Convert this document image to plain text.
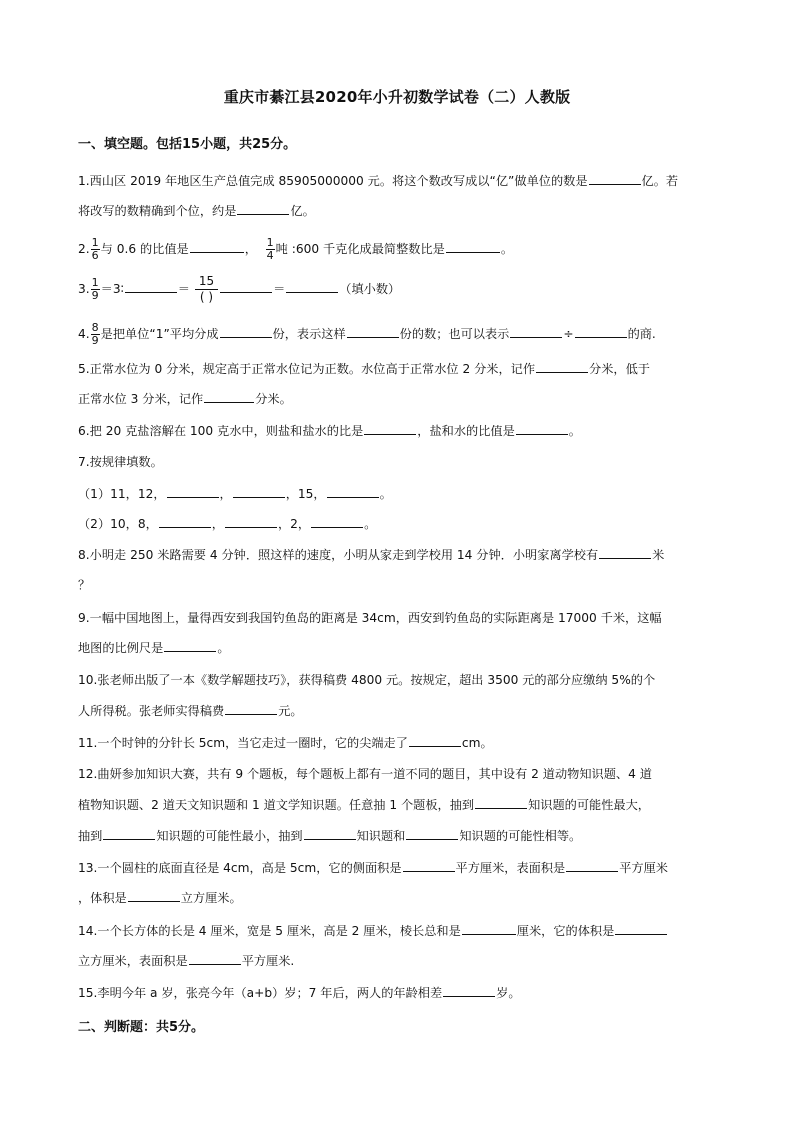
重庆市綦江县2020年小升初数学试卷（二）人教版
一、填空题。包括15小题，共25分。
1.西山区 2019 年地区生产总值完成 85905000000 元。将这个数改写成以“亿”做单位的数是	亿。若
将改写的数精确到个位，约是	亿。
2. $\frac{1}{6}$ 与 0.6 的比值是	， $\frac{1}{4}$ 吨 :600 千克化成最简整数比是	。
3. $\frac{1}{9}$ ＝3∶	＝ $\frac{15}{( )}$	＝	（填小数）
4. $\frac{8}{9}$ 是把单位“1”平均分成	份，表示这样	份的数；也可以表示	÷	的商.
5.正常水位为 0 分米，规定高于正常水位记为正数。水位高于正常水位 2 分米，记作	分米，低于
正常水位 3 分米，记作	分米。
6.把 20 克盐溶解在 100 克水中，则盐和盐水的比是	，盐和水的比值是	。
7.按规律填数。
（1）11，12，	，	，15，	。
（2）10，8，	，	，2，	。
8.小明走 250 米路需要 4 分钟．照这样的速度，小明从家走到学校用 14 分钟．小明家离学校有	米
？
9.一幅中国地图上，量得西安到我国钓鱼岛的距离是 34cm，西安到钓鱼岛的实际距离是 17000 千米，这幅
地图的比例尺是	。
10.张老师出版了一本《数学解题技巧》，获得稿费 4800 元。按规定，超出 3500 元的部分应缴纳 5%的个
人所得税。张老师实得稿费	元。
11.一个时钟的分针长 5cm，当它走过一圈时，它的尖端走了	cm。
12.曲妍参加知识大赛，共有 9 个题板，每个题板上都有一道不同的题目，其中设有 2 道动物知识题、4 道
植物知识题、2 道天文知识题和 1 道文学知识题。任意抽 1 个题板，抽到	知识题的可能性最大，
抽到	知识题的可能性最小，抽到	知识题和	知识题的可能性相等。
13.一个圆柱的底面直径是 4cm，高是 5cm，它的侧面积是	平方厘米，表面积是	平方厘米
，体积是	立方厘米。
14.一个长方体的长是 4 厘米，宽是 5 厘米，高是 2 厘米，棱长总和是	厘米，它的体积是
立方厘米，表面积是	平方厘米.
15.李明今年 a 岁，张亮今年（a+b）岁；7 年后，两人的年龄相差	岁。
二、判断题：共5分。
